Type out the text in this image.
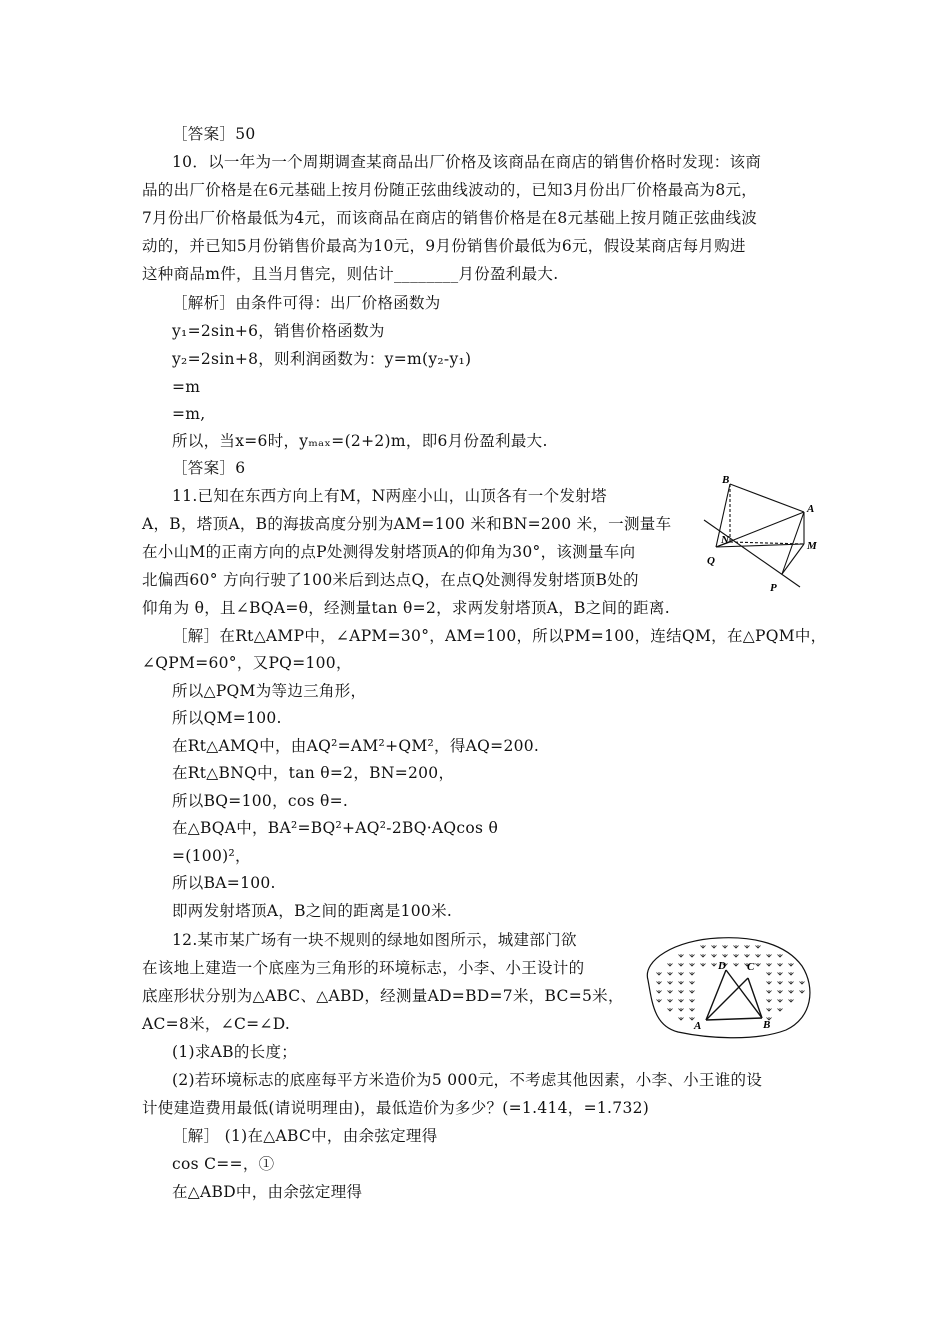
［答案］50
10．以一年为一个周期调查某商品出厂价格及该商品在商店的销售价格时发现：该商
品的出厂价格是在6元基础上按月份随正弦曲线波动的，已知3月份出厂价格最高为8元，
7月份出厂价格最低为4元，而该商品在商店的销售价格是在8元基础上按月随正弦曲线波
动的，并已知5月份销售价最高为10元，9月份销售价最低为6元，假设某商店每月购进
这种商品m件，且当月售完，则估计________月份盈利最大.
［解析］由条件可得：出厂价格函数为
y₁=2sin+6，销售价格函数为
y₂=2sin+8，则利润函数为：y=m(y₂-y₁)
=m
=m,
所以，当x=6时，yₘₐₓ=(2+2)m，即6月份盈利最大.
［答案］6
11.已知在东西方向上有M，N两座小山，山顶各有一个发射塔
A，B，塔顶A，B的海拔高度分别为AM=100 米和BN=200 米，一测量车
在小山M的正南方向的点P处测得发射塔顶A的仰角为30°，该测量车向
北偏西60° 方向行驶了100米后到达点Q，在点Q处测得发射塔顶B处的
仰角为 θ，且∠BQA=θ，经测量tan θ=2，求两发射塔顶A，B之间的距离.
［解］在Rt△AMP中，∠APM=30°，AM=100，所以PM=100，连结QM，在△PQM中，
∠QPM=60°，又PQ=100，
所以△PQM为等边三角形，
所以QM=100.
在Rt△AMQ中，由AQ²=AM²+QM²，得AQ=200.
在Rt△BNQ中，tan θ=2，BN=200，
所以BQ=100，cos θ=.
在△BQA中，BA²=BQ²+AQ²-2BQ·AQcos θ
=(100)²，
所以BA=100.
即两发射塔顶A，B之间的距离是100米.
12.某市某广场有一块不规则的绿地如图所示，城建部门欲
在该地上建造一个底座为三角形的环境标志，小李、小王设计的
底座形状分别为△ABC、△ABD，经测量AD=BD=7米，BC=5米，
AC=8米，∠C=∠D.
(1)求AB的长度；
(2)若环境标志的底座每平方米造价为5 000元，不考虑其他因素，小李、小王谁的设
计使建造费用最低(请说明理由)，最低造价为多少？(=1.414，=1.732)
［解］ (1)在△ABC中，由余弦定理得
cos C==，①
在△ABD中，由余弦定理得
B
A
N	M
Q
P
D C
A	B
